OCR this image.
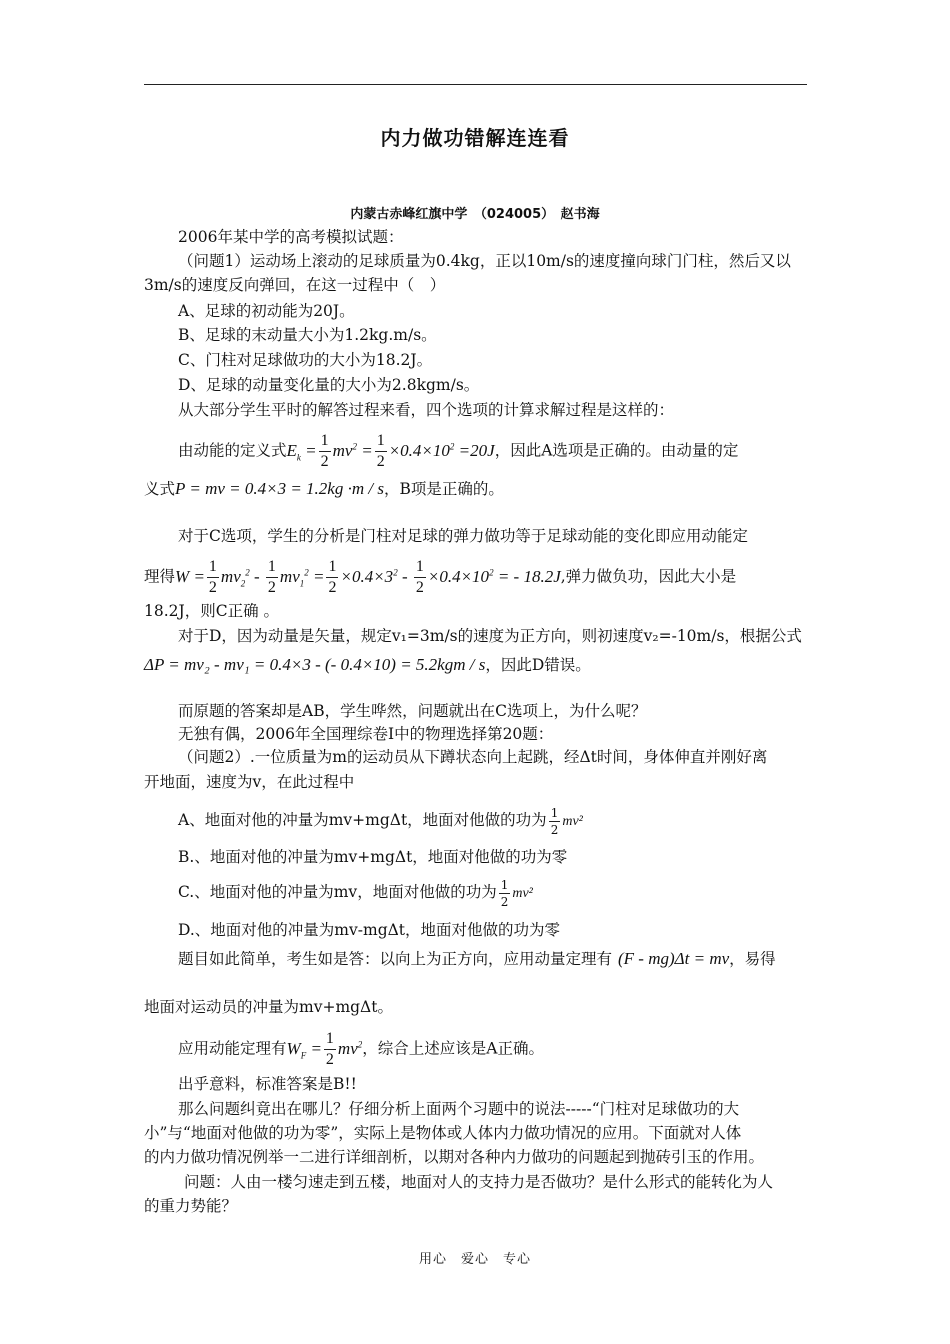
内力做功错解连连看
内蒙古赤峰红旗中学　（024005）　赵书海
2006年某中学的高考模拟试题：
（问题1）运动场上滚动的足球质量为0.4kg，正以10m/s的速度撞向球门门柱，然后又以
3m/s的速度反向弹回，在这一过程中（　）
A、足球的初动能为20J。
B、足球的末动量大小为1.2kg.m/s。
C、门柱对足球做功的大小为18.2J。
D、足球的动量变化量的大小为2.8kgm/s。
从大部分学生平时的解答过程来看，四个选项的计算求解过程是这样的：
由动能的定义式$E_k = \frac{1}{2} mv^2 = \frac{1}{2} \times 0.4\times 10^2 =20J$，因此A选项是正确的。由动量的定
义式P = mv = 0.4×3 = 1.2kg ·m / s，B项是正确的。
对于C选项，学生的分析是门柱对足球的弹力做功等于足球动能的变化即应用动能定
理得$W = \frac{1}{2} mv_2^2 - \frac{1}{2} mv_1^2 = \frac{1}{2} \times 0.4\times 3^2 - \frac{1}{2} \times 0.4\times 10^2$ = - 18.2J,弹力做负功，因此大小是
18.2J，则C正确 。
对于D，因为动量是矢量，规定v₁=3m/s的速度为正方向，则初速度v₂=-10m/s，根据公式
ΔP = mv₂ - mv₁ = 0.4×3 - (- 0.4×10) = 5.2kgm / s，因此D错误。
而原题的答案却是AB，学生哗然，问题就出在C选项上，为什么呢？
无独有偶，2006年全国理综卷I中的物理选择第20题：
（问题2）.一位质量为m的运动员从下蹲状态向上起跳，经Δt时间，身体伸直并刚好离
开地面，速度为v，在此过程中
A、地面对他的冲量为mv+mgΔt，地面对他做的功为 $\frac{1}{2} mv^2$
B.、地面对他的冲量为mv+mgΔt，地面对他做的功为零
C.、地面对他的冲量为mv，地面对他做的功为 $\frac{1}{2} mv^2$
D.、地面对他的冲量为mv-mgΔt，地面对他做的功为零
题目如此简单，考生如是答：以向上为正方向，应用动量定理有 (F - mg)Δt = mv，易得
地面对运动员的冲量为mv+mgΔt。
应用动能定理有$W_F = \frac{1}{2} mv^2$，综合上述应该是A正确。
出乎意料，标准答案是B!!
那么问题纠竟出在哪儿？仔细分析上面两个习题中的说法-----“门柱对足球做功的大
小”与“地面对他做的功为零”，实际上是物体或人体内力做功情况的应用。下面就对人体
的内力做功情况例举一二进行详细剖析，以期对各种内力做功的问题起到抛砖引玉的作用。
问题：人由一楼匀速走到五楼，地面对人的支持力是否做功？是什么形式的能转化为人
的重力势能？
用心　爱心　专心
